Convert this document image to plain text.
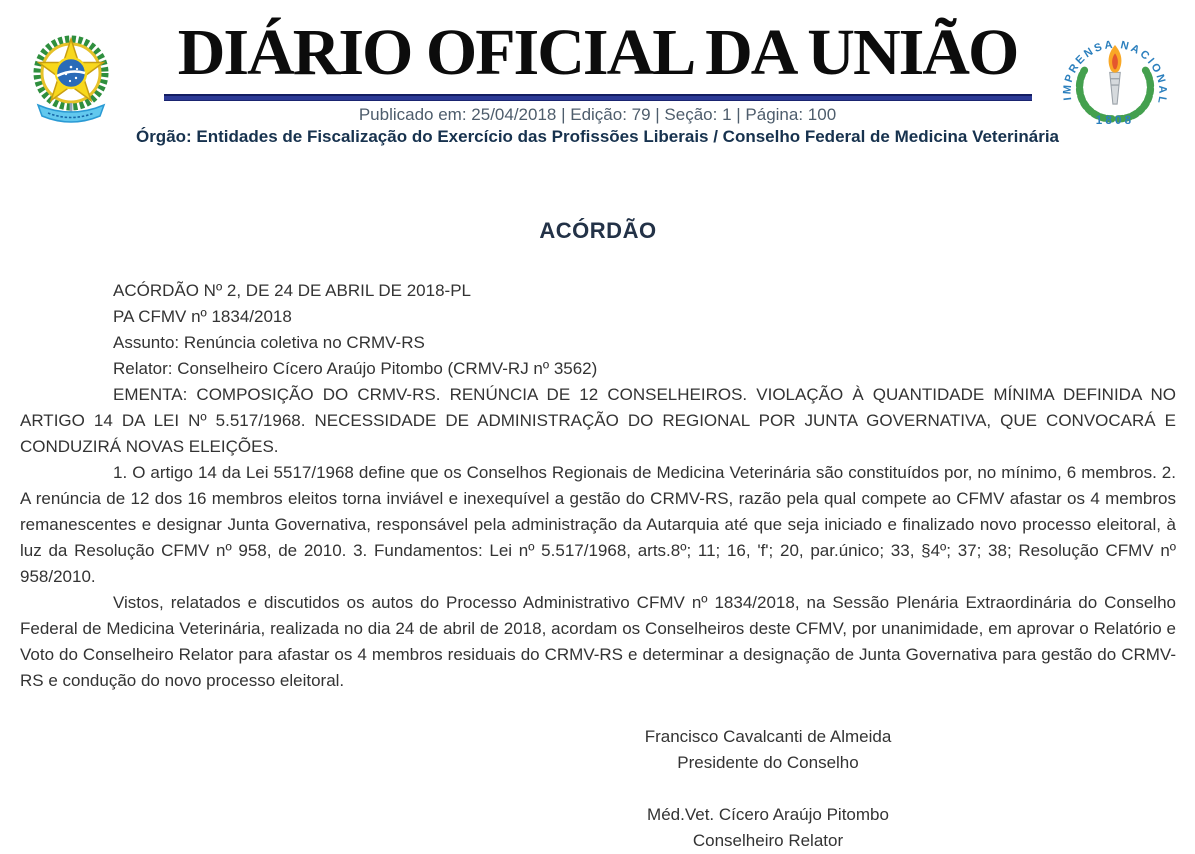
DIÁRIO OFICIAL DA UNIÃO
IMPRENSA NACIONAL
1808
Publicado em: 25/04/2018 | Edição: 79 | Seção: 1 | Página: 100
Órgão: Entidades de Fiscalização do Exercício das Profissões Liberais / Conselho Federal de Medicina Veterinária
ACÓRDÃO

ACÓRDÃO Nº 2, DE 24 DE ABRIL DE 2018-PL

PA CFMV nº 1834/2018

Assunto: Renúncia coletiva no CRMV-RS

Relator: Conselheiro Cícero Araújo Pitombo (CRMV-RJ nº 3562)

EMENTA: COMPOSIÇÃO DO CRMV-RS. RENÚNCIA DE 12 CONSELHEIROS. VIOLAÇÃO À QUANTIDADE MÍNIMA DEFINIDA NO ARTIGO 14 DA LEI Nº 5.517/1968. NECESSIDADE DE ADMINISTRAÇÃO DO REGIONAL POR JUNTA GOVERNATIVA, QUE CONVOCARÁ E CONDUZIRÁ NOVAS ELEIÇÕES.

1. O artigo 14 da Lei 5517/1968 define que os Conselhos Regionais de Medicina Veterinária são constituídos por, no mínimo, 6 membros. 2. A renúncia de 12 dos 16 membros eleitos torna inviável e inexequível a gestão do CRMV-RS, razão pela qual compete ao CFMV afastar os 4 membros remanescentes e designar Junta Governativa, responsável pela administração da Autarquia até que seja iniciado e finalizado novo processo eleitoral, à luz da Resolução CFMV nº 958, de 2010. 3. Fundamentos: Lei nº 5.517/1968, arts.8º; 11; 16, 'f'; 20, par.único; 33, §4º; 37; 38; Resolução CFMV nº 958/2010.

Vistos, relatados e discutidos os autos do Processo Administrativo CFMV nº 1834/2018, na Sessão Plenária Extraordinária do Conselho Federal de Medicina Veterinária, realizada no dia 24 de abril de 2018, acordam os Conselheiros deste CFMV, por unanimidade, em aprovar o Relatório e Voto do Conselheiro Relator para afastar os 4 membros residuais do CRMV-RS e determinar a designação de Junta Governativa para gestão do CRMV-RS e condução do novo processo eleitoral.

Francisco Cavalcanti de Almeida
Presidente do Conselho
Méd.Vet. Cícero Araújo Pitombo
Conselheiro Relator
